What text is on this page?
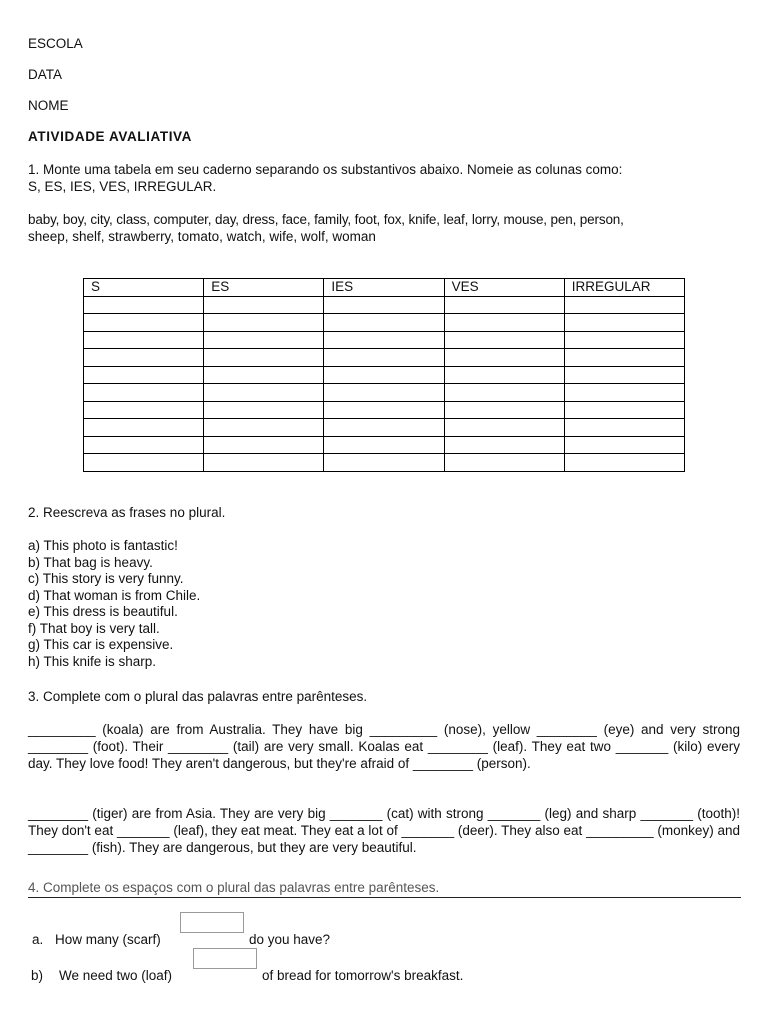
ESCOLA

DATA

NOME

ATIVIDADE AVALIATIVA

1. Monte uma tabela em seu caderno separando os substantivos abaixo. Nomeie as colunas como:

S, ES, IES, VES, IRREGULAR.

baby, boy, city, class, computer, day, dress, face, family, foot, fox, knife, leaf, lorry, mouse, pen, person,

sheep, shelf, strawberry, tomato, watch, wife, wolf, woman

S	ES	IES	VES	IRREGULAR

2. Reescreva as frases no plural.

a) This photo is fantastic!

b) That bag is heavy.

c) This story is very funny.

d) That woman is from Chile.

e) This dress is beautiful.

f) That boy is very tall.

g) This car is expensive.

h) This knife is sharp.

3. Complete com o plural das palavras entre parênteses.

_________ (koala) are from Australia. They have big _________ (nose), yellow ________ (eye) and very strong ________ (foot). Their ________ (tail) are very small. Koalas eat ________ (leaf). They eat two _______ (kilo) every day. They love food! They aren't dangerous, but they're afraid of ________ (person).

________ (tiger) are from Asia. They are very big _______ (cat) with strong _______ (leg) and sharp _______ (tooth)! They don't eat _______ (leaf), they eat meat. They eat a lot of _______ (deer). They also eat _________ (monkey) and ________ (fish). They are dangerous, but they are very beautiful.

4. Complete os espaços com o plural das palavras entre parênteses.
a. How many (scarf)	do you have?
b) We need two (loaf)	of bread for tomorrow's breakfast.
